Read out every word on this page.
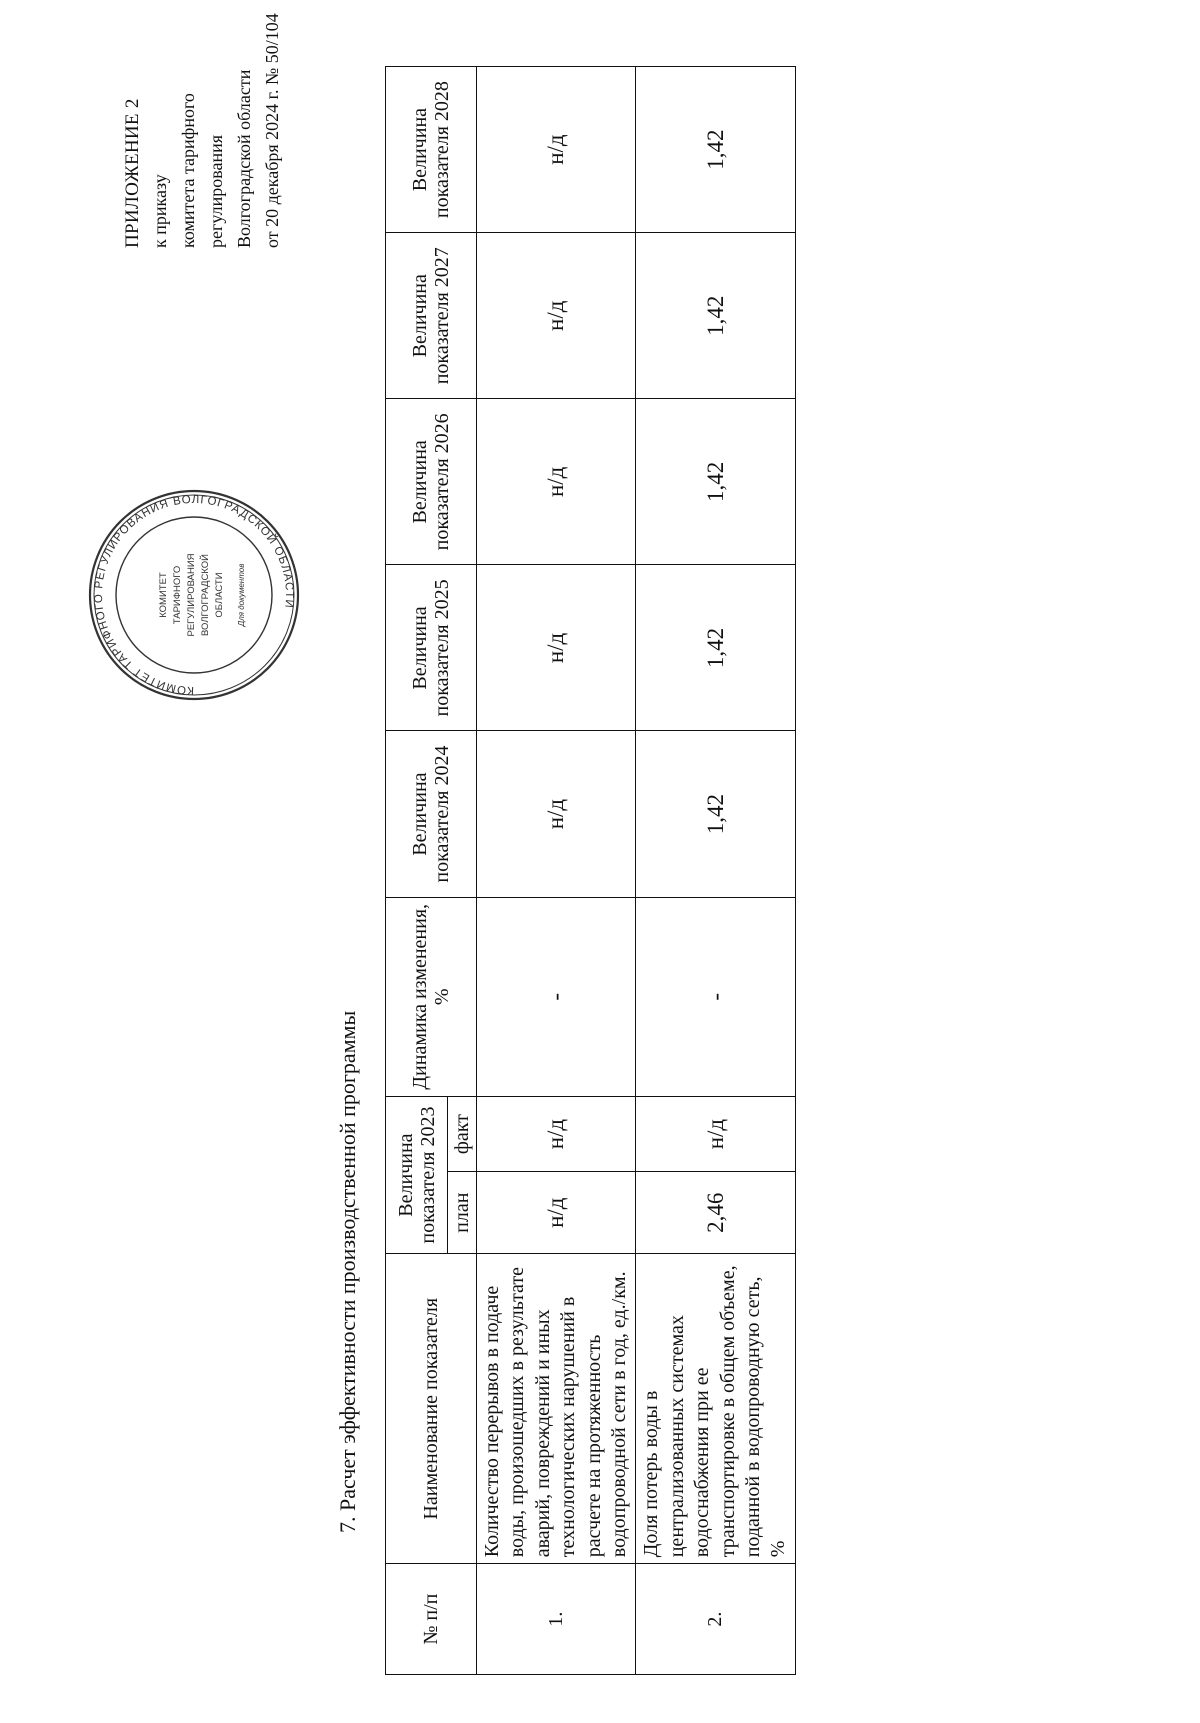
ПРИЛОЖЕНИЕ 2 к приказу комитета тарифного регулирования Волгоградской области от 20 декабря 2024 г. № 50/104
КОМИТЕТ ТАРИФНОГО РЕГУЛИРОВАНИЯ ВОЛГОГРАДСКОЙ ОБЛАСТИ
КОМИТЕТ ТАРИФНОГО РЕГУЛИРОВАНИЯ ВОЛГОГРАДСКОЙ ОБЛАСТИ Для документов
7. Расчет эффективности производственной программы
№ п/п	Наименование показателя	Величина показателя 2023		Динамика изменения, %	Величина показателя 2024	Величина показателя 2025	Величина показателя 2026	Величина показателя 2027	Величина показателя 2028
		план	факт						
1.	Количество перерывов в подаче воды, произошедших в результате аварий, повреждений и иных технологических нарушений в расчете на протяженность водопроводной сети в год, ед./км.	н/д	н/д	-	н/д	н/д	н/д	н/д	н/д
2.	Доля потерь воды в централизованных системах водоснабжения при ее транспортировке в общем объеме, поданной в водопроводную сеть, %	2,46	н/д	-	1,42	1,42	1,42	1,42	1,42
